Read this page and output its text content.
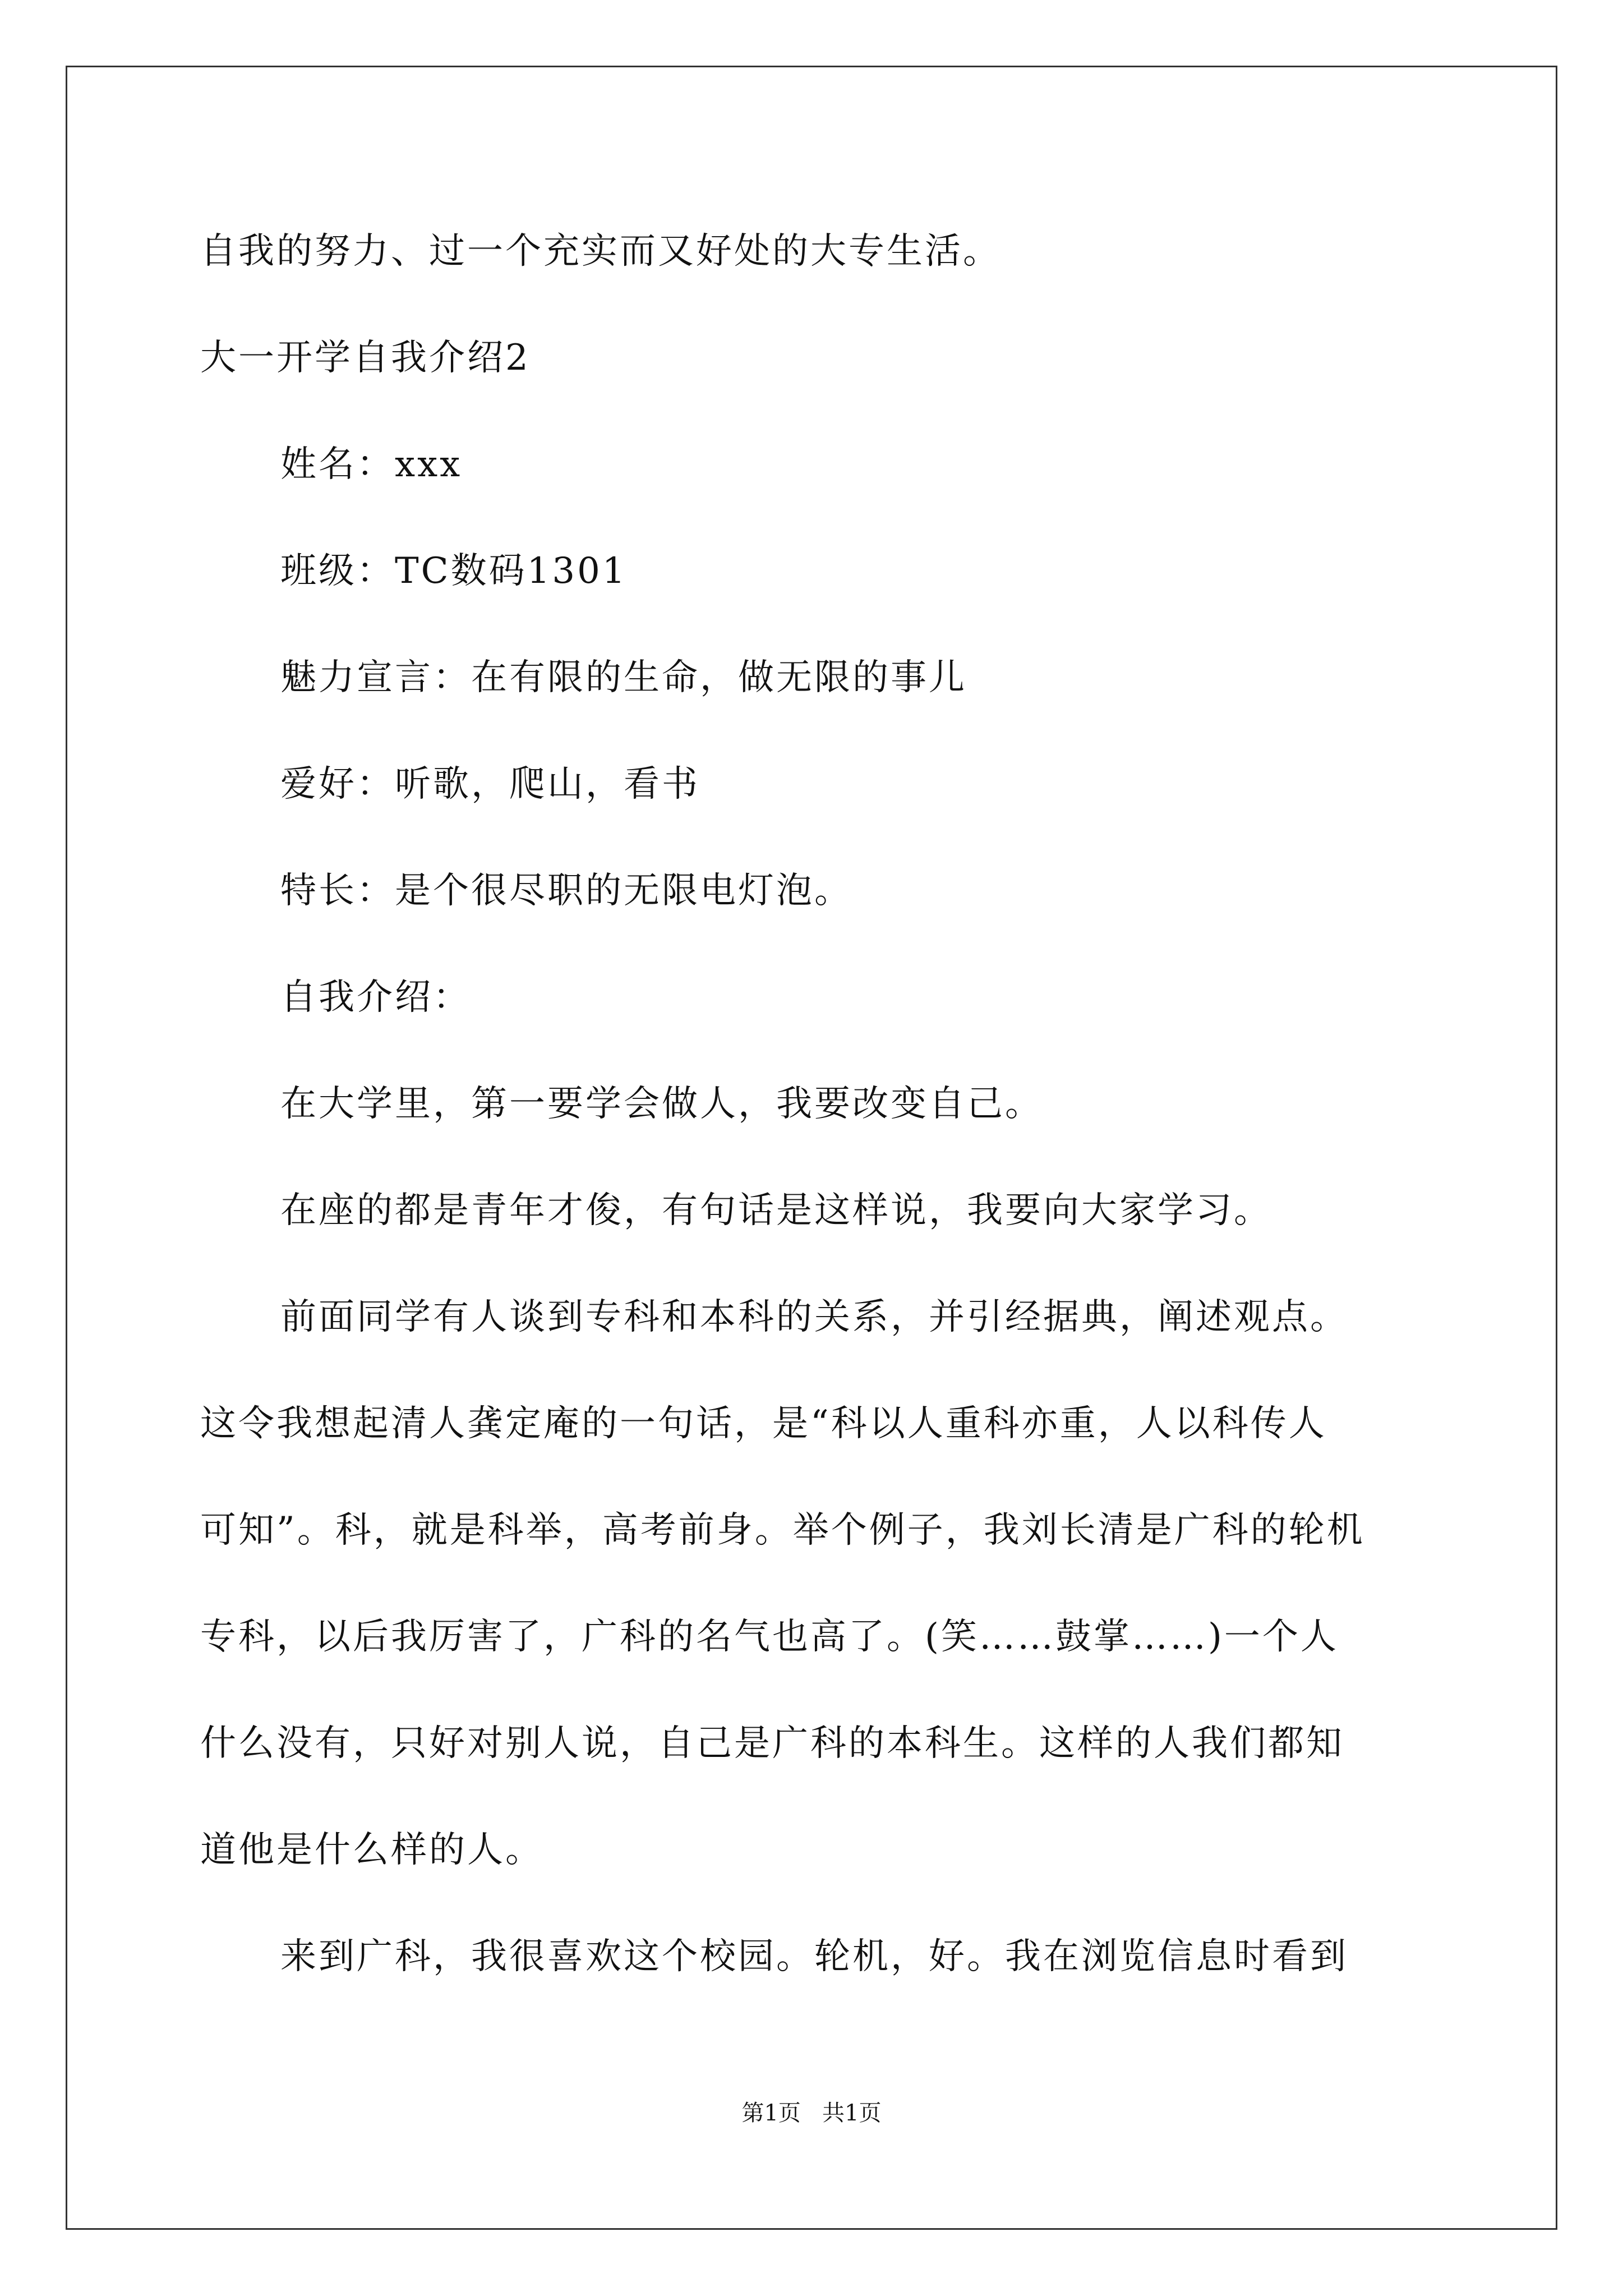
自我的努力、过一个充实而又好处的大专生活。
大一开学自我介绍2
姓名：xxx
班级：TC数码1301
魅力宣言：在有限的生命，做无限的事儿
爱好：听歌，爬山，看书
特长：是个很尽职的无限电灯泡。
自我介绍：
在大学里，第一要学会做人，我要改变自己。
在座的都是青年才俊，有句话是这样说，我要向大家学习。
前面同学有人谈到专科和本科的关系，并引经据典，阐述观点。
这令我想起清人龚定庵的一句话，是“科以人重科亦重，人以科传人
可知”。科，就是科举，高考前身。举个例子，我刘长清是广科的轮机
专科，以后我厉害了，广科的名气也高了。(笑……鼓掌……)一个人
什么没有，只好对别人说，自己是广科的本科生。这样的人我们都知
道他是什么样的人。
来到广科，我很喜欢这个校园。轮机，好。我在浏览信息时看到
第1页   共1页
